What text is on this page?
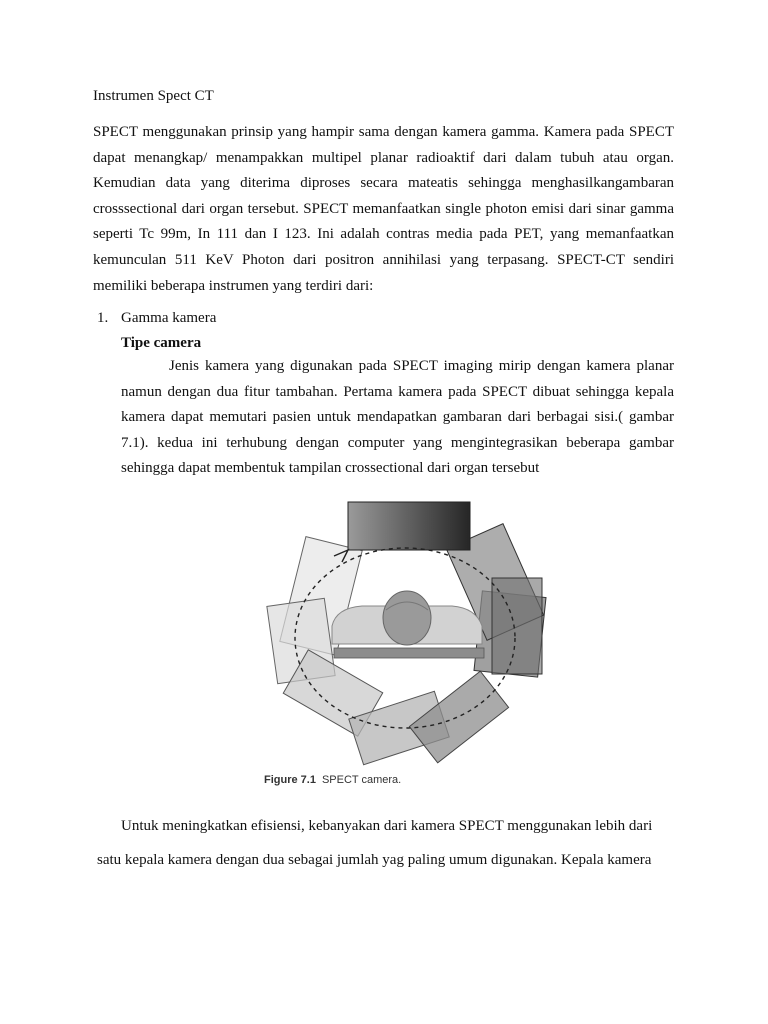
Instrumen Spect CT

SPECT menggunakan prinsip yang hampir sama dengan kamera gamma. Kamera pada SPECT dapat menangkap/ menampakkan multipel planar radioaktif dari dalam tubuh atau organ. Kemudian data yang diterima diproses secara mateatis sehingga menghasilkangambaran crosssectional dari organ tersebut. SPECT memanfaatkan single photon emisi dari sinar gamma seperti Tc 99m, In 111 dan I 123. Ini adalah contras media pada PET, yang memanfaatkan kemunculan 511 KeV Photon dari positron annihilasi yang terpasang. SPECT-CT sendiri memiliki beberapa instrumen yang terdiri dari:

1. Gamma kamera
Tipe camera

Jenis kamera yang digunakan pada SPECT imaging mirip dengan kamera planar namun dengan dua fitur tambahan. Pertama kamera pada SPECT dibuat sehingga kepala kamera dapat memutari pasien untuk mendapatkan gambaran dari berbagai sisi.( gambar 7.1). kedua ini terhubung dengan computer yang mengintegrasikan beberapa gambar sehingga dapat membentuk tampilan crossectional dari organ tersebut

Figure 7.1 SPECT camera.
Untuk meningkatkan efisiensi, kebanyakan dari kamera SPECT menggunakan lebih dari
satu kepala kamera dengan dua sebagai jumlah yag paling umum digunakan. Kepala kamera
